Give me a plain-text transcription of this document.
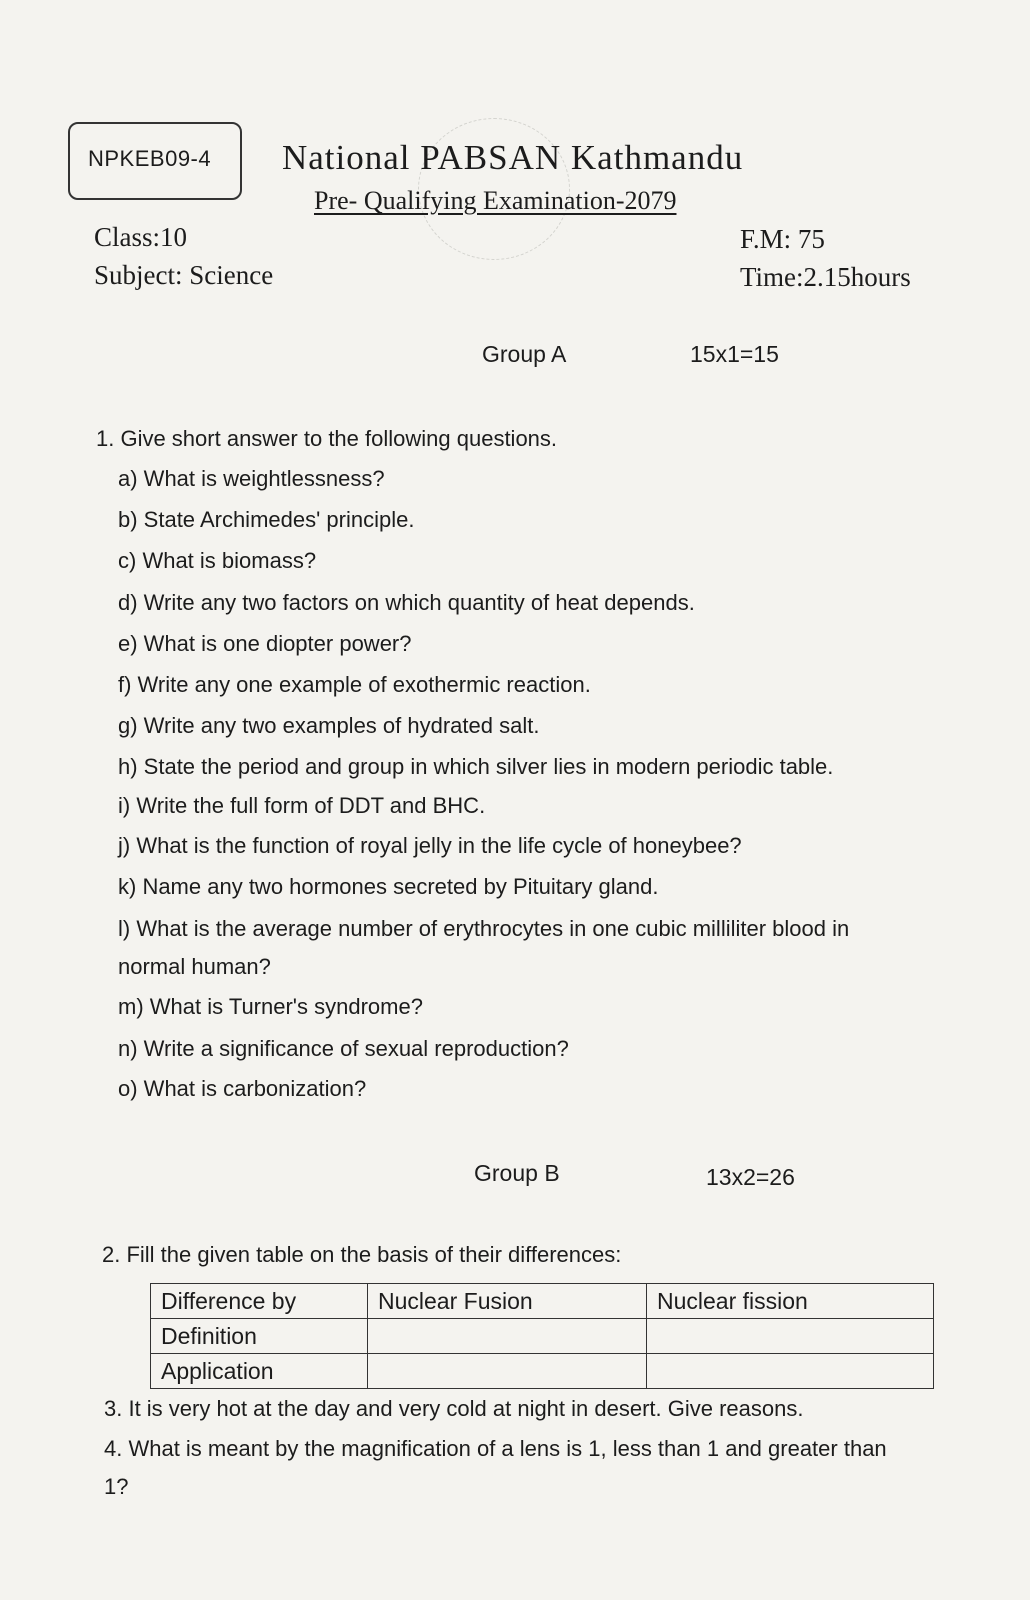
NPKEB09-4 National PABSAN Kathmandu
Pre- Qualifying Examination-2079
Class:10
Subject: Science
F.M: 75
Time:2.15hours
Group A	15x1=15
1. Give short answer to the following questions.
a) What is weightlessness?
b) State Archimedes' principle.
c) What is biomass?
d) Write any two factors on which quantity of heat depends.
e) What is one diopter power?
f) Write any one example of exothermic reaction.
g) Write any two examples of hydrated salt.
h) State the period and group in which silver lies in modern periodic table.
i) Write the full form of DDT and BHC.
j) What is the function of royal jelly in the life cycle of honeybee?
k) Name any two hormones secreted by Pituitary gland.
l) What is the average number of erythrocytes in one cubic milliliter blood in
normal human?
m) What is Turner's syndrome?
n) Write a significance of sexual reproduction?
o) What is carbonization?
Group B	13x2=26
2. Fill the given table on the basis of their differences:
Difference by	Nuclear Fusion	Nuclear fission
Definition		
Application		
3. It is very hot at the day and very cold at night in desert. Give reasons.
4. What is meant by the magnification of a lens is 1, less than 1 and greater than
1?
